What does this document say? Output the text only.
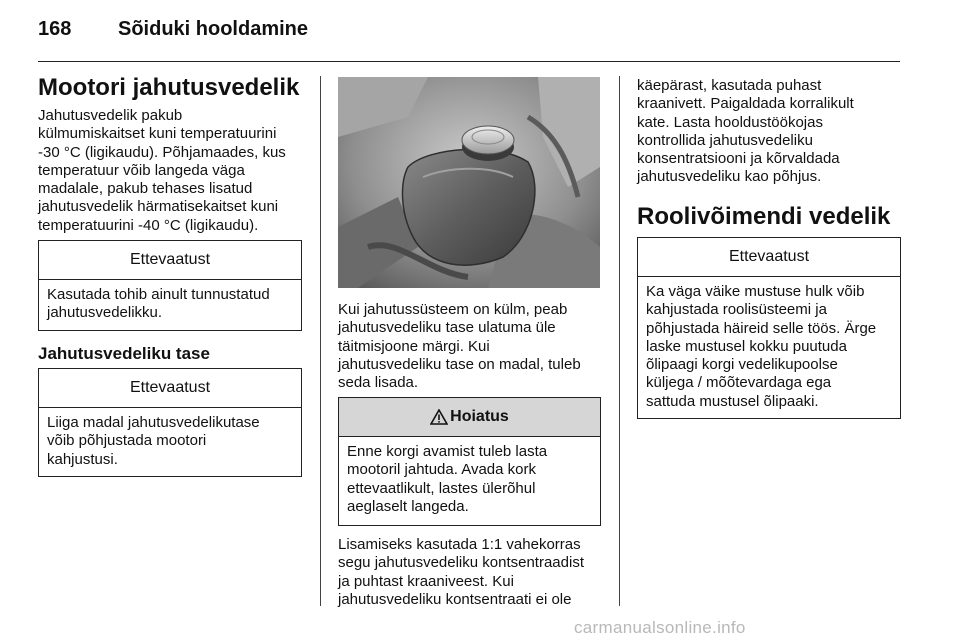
168 Sõiduki hooldamine
Mootori jahutusvedelik

Jahutusvedelik pakub
külmumiskaitset kuni temperatuurini
-30 °C (ligikaudu). Põhjamaades, kus
temperatuur võib langeda väga
madalale, pakub tehases lisatud
jahutusvedelik härmatisekaitset kuni
temperatuurini -40 °C (ligikaudu).

Ettevaatust
Kasutada tohib ainult tunnustatud
jahutusvedelikku.
Jahutusvedeliku tase
Ettevaatust
Liiga madal jahutusvedelikutase
võib põhjustada mootori
kahjustusi.

Kui jahutussüsteem on külm, peab
jahutusvedeliku tase ulatuma üle
täitmisjoone märgi. Kui
jahutusvedeliku tase on madal, tuleb
seda lisada.

Hoiatus
Enne korgi avamist tuleb lasta
mootoril jahtuda. Avada kork
ettevaatlikult, lastes ülerõhul
aeglaselt langeda.

Lisamiseks kasutada 1:1 vahekorras
segu jahutusvedeliku kontsentraadist
ja puhtast kraaniveest. Kui
jahutusvedeliku kontsentraati ei ole

käepärast, kasutada puhast
kraanivett. Paigaldada korralikult
kate. Lasta hooldustöökojas
kontrollida jahutusvedeliku
konsentratsiooni ja kõrvaldada
jahutusvedeliku kao põhjus.

Roolivõimendi vedelik
Ettevaatust
Ka väga väike mustuse hulk võib
kahjustada roolisüsteemi ja
põhjustada häireid selle töös. Ärge
laske mustusel kokku puutuda
õlipaagi korgi vedelikupoolse
küljega / mõõtevardaga ega
sattuda mustusel õlipaaki.
carmanualsonline.info
